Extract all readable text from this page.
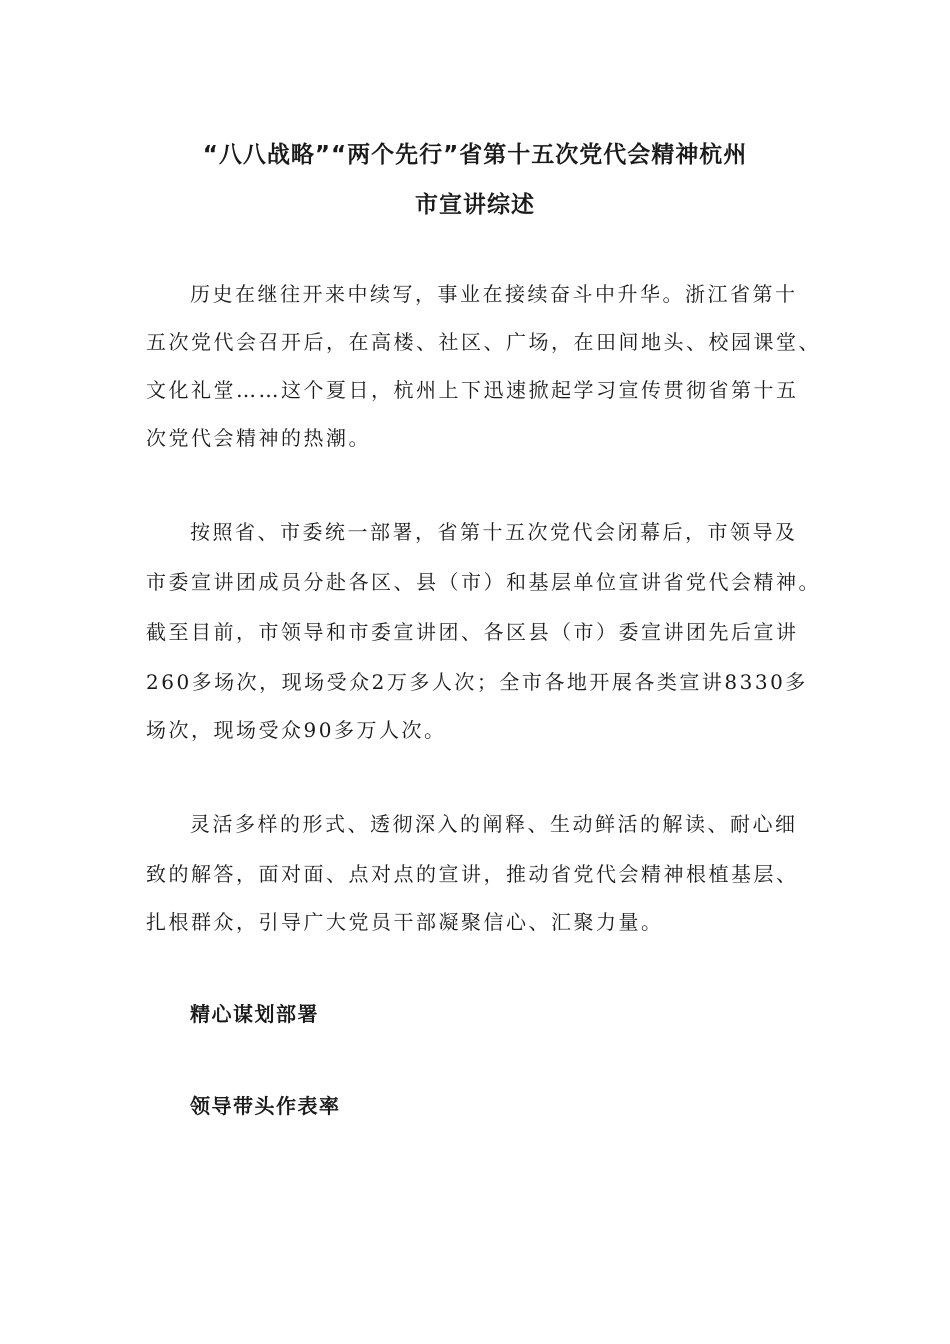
“八八战略”“两个先行”省第十五次党代会精神杭州
市宣讲综述
历史在继往开来中续写，事业在接续奋斗中升华。浙江省第十
五次党代会召开后，在高楼、社区、广场，在田间地头、校园课堂、
文化礼堂……这个夏日，杭州上下迅速掀起学习宣传贯彻省第十五
次党代会精神的热潮。
按照省、市委统一部署，省第十五次党代会闭幕后，市领导及
市委宣讲团成员分赴各区、县（市）和基层单位宣讲省党代会精神。
截至目前，市领导和市委宣讲团、各区县（市）委宣讲团先后宣讲
260多场次，现场受众2万多人次；全市各地开展各类宣讲8330多
场次，现场受众90多万人次。
灵活多样的形式、透彻深入的阐释、生动鲜活的解读、耐心细
致的解答，面对面、点对点的宣讲，推动省党代会精神根植基层、
扎根群众，引导广大党员干部凝聚信心、汇聚力量。
精心谋划部署
领导带头作表率
